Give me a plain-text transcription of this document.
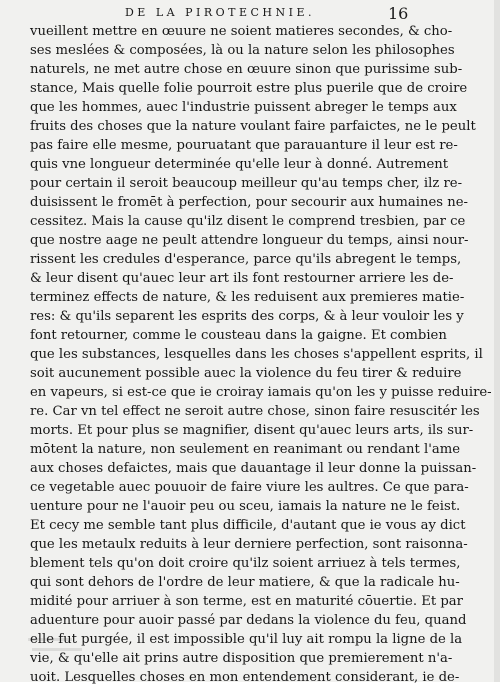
DE LA PIROTECHNIE.	16
vueillent mettre en œuure ne soient matieres secondes, & cho-
ses meslées & composées, là ou la nature selon les philosophes
naturels, ne met autre chose en œuure sinon que purissime sub-
stance, Mais quelle folie pourroit estre plus puerile que de croire
que les hommes, auec l'industrie puissent abreger le temps aux
fruits des choses que la nature voulant faire parfaictes, ne le peult
pas faire elle mesme, pouruatant que parauanture il leur est re-
quis vne longueur determinée qu'elle leur à donné. Autrement
pour certain il seroit beaucoup meilleur qu'au temps cher, ilz re-
duisissent le fromēt à perfection, pour secourir aux humaines ne-
cessitez. Mais la cause qu'ilz disent le comprend tresbien, par ce
que nostre aage ne peult attendre longueur du temps, ainsi nour-
rissent les credules d'esperance, parce qu'ils abregent le temps,
& leur disent qu'auec leur art ils font restourner arriere les de-
terminez effects de nature, & les reduisent aux premieres matie-
res: & qu'ils separent les esprits des corps, & à leur vouloir les y
font retourner, comme le cousteau dans la gaigne. Et combien
que les substances, lesquelles dans les choses s'appellent esprits, il
soit aucunement possible auec la violence du feu tirer & reduire
en vapeurs, si est-ce que ie croiray iamais qu'on les y puisse reduire-
re. Car vn tel effect ne seroit autre chose, sinon faire resuscitér les
morts. Et pour plus se magnifier, disent qu'auec leurs arts, ils sur-
mōtent la nature, non seulement en reanimant ou rendant l'ame
aux choses defaictes, mais que dauantage il leur donne la puissan-
ce vegetable auec pouuoir de faire viure les aultres. Ce que para-
uenture pour ne l'auoir peu ou sceu, iamais la nature ne le feist.
Et cecy me semble tant plus difficile, d'autant que ie vous ay dict
que les metaulx reduits à leur derniere perfection, sont raisonna-
blement tels qu'on doit croire qu'ilz soient arriuez à tels termes,
qui sont dehors de l'ordre de leur matiere, & que la radicale hu-
midité pour arriuer à son terme, est en maturité cōuertie. Et par
aduenture pour auoir passé par dedans la violence du feu, quand
elle fut purgée, il est impossible qu'il luy ait rompu la ligne de la
vie, & qu'elle ait prins autre disposition que premierement n'a-
uoit. Lesquelles choses en mon entendement considerant, ie de-
